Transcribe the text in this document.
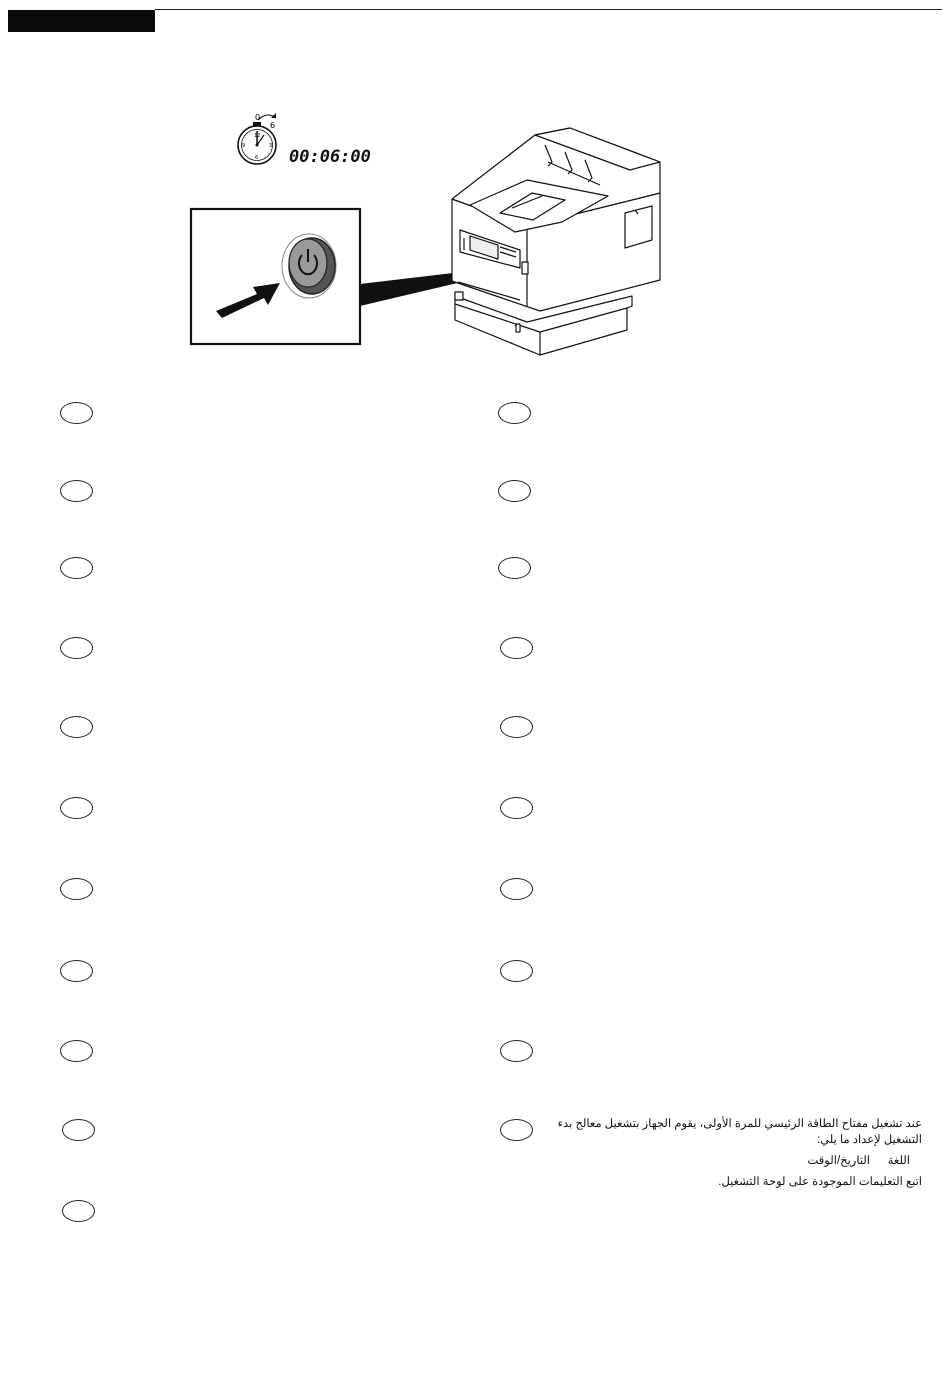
12
3
6
9
0
6
00:06:00
عند تشغيل مفتاح الطاقة الرئيسي للمرة الأولى، يقوم الجهاز بتشغيل معالج بدء
التشغيل لإعداد ما يلي:
اللغة
التاريخ/الوقت
اتبع التعليمات الموجودة على لوحة التشغيل.
